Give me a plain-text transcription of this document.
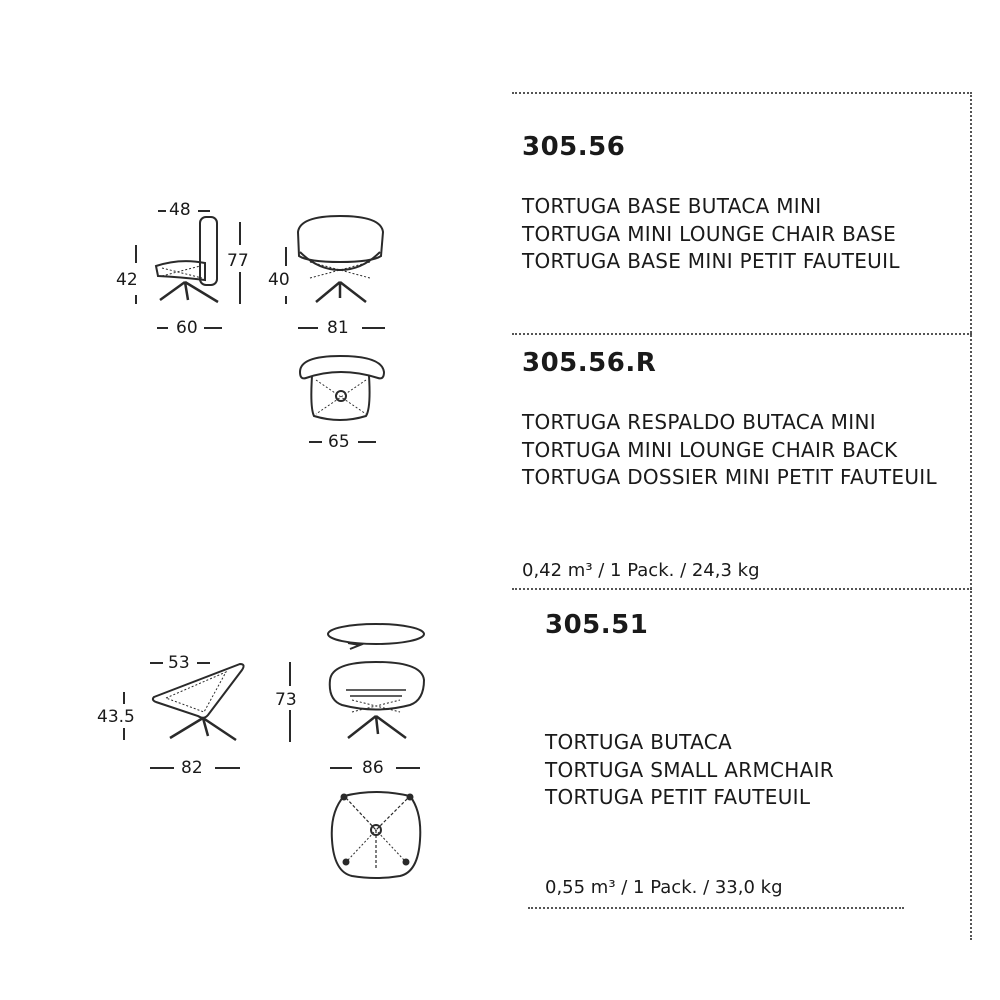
305.56
TORTUGA BASE BUTACA MINI
TORTUGA MINI LOUNGE CHAIR BASE
TORTUGA BASE MINI PETIT FAUTEUIL
305.56.R
TORTUGA RESPALDO BUTACA MINI
TORTUGA MINI LOUNGE CHAIR BACK
TORTUGA DOSSIER MINI PETIT FAUTEUIL
0,42 m³ / 1 Pack. / 24,3 kg
305.51
TORTUGA BUTACA
TORTUGA SMALL ARMCHAIR
TORTUGA PETIT FAUTEUIL
0,55 m³ / 1 Pack. / 33,0 kg
48
42
77
60
40
81
65
53
43.5
82
73
86
